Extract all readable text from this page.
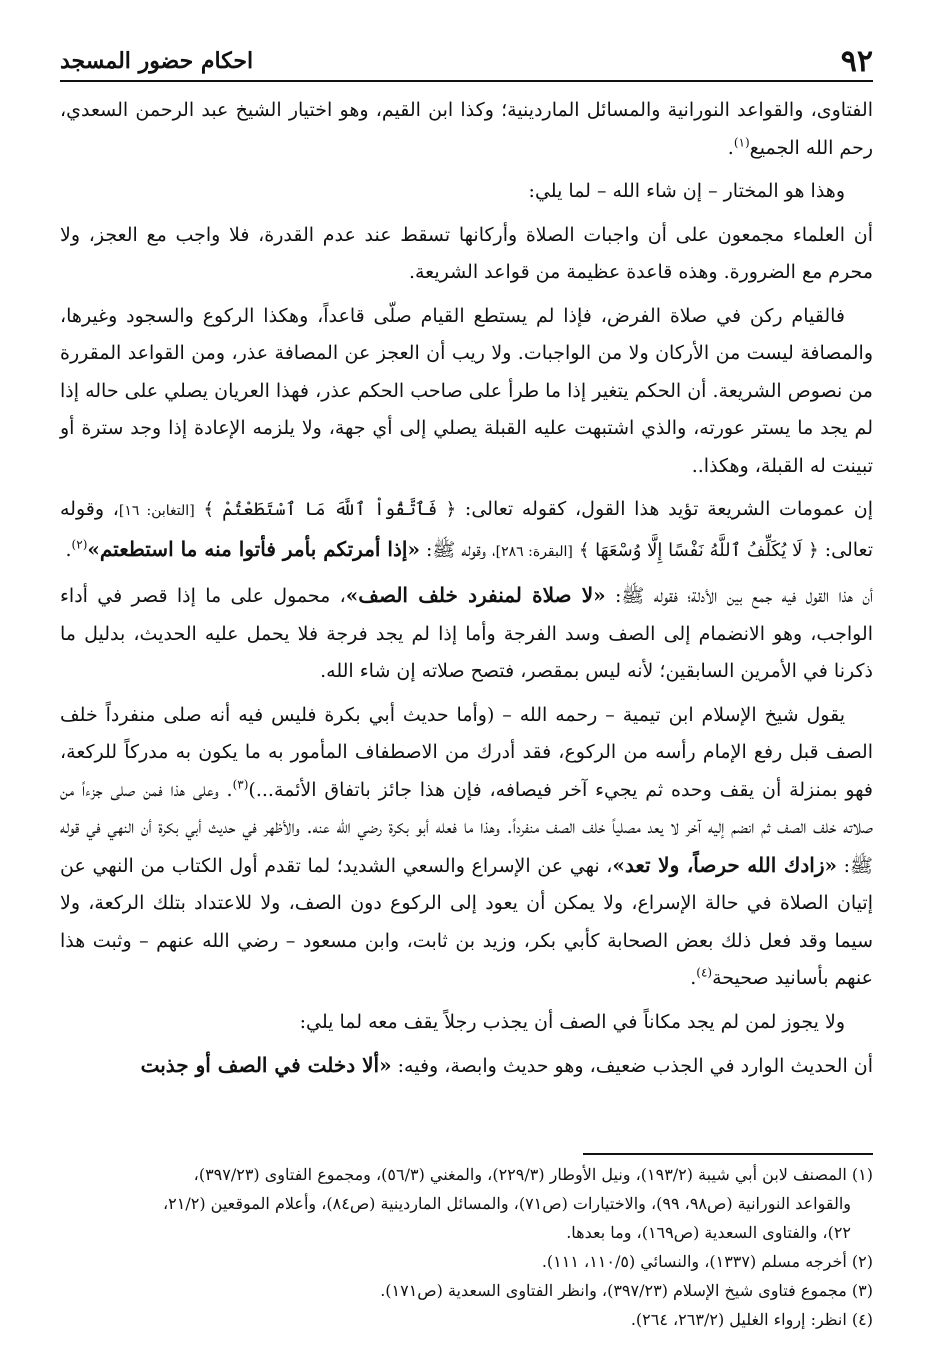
٩٢
احكام حضور المسجد

الفتاوى، والقواعد النورانية والمسائل الماردينية؛ وكذا ابن القيم، وهو اختيار الشيخ عبد الرحمن السعدي، رحم الله الجميع$^{(١)}$.

وهذا هو المختار – إن شاء الله – لما يلي:

أن العلماء مجمعون على أن واجبات الصلاة وأركانها تسقط عند عدم القدرة، فلا واجب مع العجز، ولا محرم مع الضرورة. وهذه قاعدة عظيمة من قواعد الشريعة.

فالقيام ركن في صلاة الفرض، فإذا لم يستطع القيام صلّى قاعداً، وهكذا الركوع والسجود وغيرها، والمصافة ليست من الأركان ولا من الواجبات. ولا ريب أن العجز عن المصافة عذر، ومن القواعد المقررة من نصوص الشريعة. أن الحكم يتغير إذا ما طرأ على صاحب الحكم عذر، فهذا العريان يصلي على حاله إذا لم يجد ما يستر عورته، والذي اشتبهت عليه القبلة يصلي إلى أي جهة، ولا يلزمه الإعادة إذا وجد سترة أو تبينت له القبلة، وهكذا..

إن عمومات الشريعة تؤيد هذا القول، كقوله تعالى: ﴿ فَٱتَّقُواْ ٱللَّهَ مَا ٱسْتَطَعْتُمْ ﴾ [التغابن: ١٦]، وقوله تعالى: ﴿ لَا يُكَلِّفُ ٱللَّهُ نَفْسًا إِلَّا وُسْعَهَا ﴾ [البقرة: ٢٨٦]، وقوله ﷺ: «إذا أمرتكم بأمر فأتوا منه ما استطعتم»$^{(٢)}$.

أن هذا القول فيه جمع بين الأدلة؛ فقوله ﷺ: «لا صلاة لمنفرد خلف الصف»، محمول على ما إذا قصر في أداء الواجب، وهو الانضمام إلى الصف وسد الفرجة وأما إذا لم يجد فرجة فلا يحمل عليه الحديث، بدليل ما ذكرنا في الأمرين السابقين؛ لأنه ليس بمقصر، فتصح صلاته إن شاء الله.

يقول شيخ الإسلام ابن تيمية – رحمه الله – (وأما حديث أبي بكرة فليس فيه أنه صلى منفرداً خلف الصف قبل رفع الإمام رأسه من الركوع، فقد أدرك من الاصطفاف المأمور به ما يكون به مدركاً للركعة، فهو بمنزلة أن يقف وحده ثم يجيء آخر فيصافه، فإن هذا جائز باتفاق الأئمة...)$^{(٣)}$. وعلى هذا فمن صلى جزءاً من صلاته خلف الصف ثم انضم إليه آخر لا يعد مصلياً خلف الصف منفرداً. وهذا ما فعله أبو بكرة رضي الله عنه. والأظهر في حديث أبي بكرة أن النهي في قوله ﷺ: «زادك الله حرصاً، ولا تعد»، نهي عن الإسراع والسعي الشديد؛ لما تقدم أول الكتاب من النهي عن إتيان الصلاة في حالة الإسراع، ولا يمكن أن يعود إلى الركوع دون الصف، ولا للاعتداد بتلك الركعة، ولا سيما وقد فعل ذلك بعض الصحابة كأبي بكر، وزيد بن ثابت، وابن مسعود – رضي الله عنهم – وثبت هذا عنهم بأسانيد صحيحة$^{(٤)}$.

ولا يجوز لمن لم يجد مكاناً في الصف أن يجذب رجلاً يقف معه لما يلي:

أن الحديث الوارد في الجذب ضعيف، وهو حديث وابصة، وفيه: «ألا دخلت في الصف أو جذبت

(١) المصنف لابن أبي شيبة (١٩٣/٢)، ونيل الأوطار (٢٢٩/٣)، والمغني (٥٦/٣)، ومجموع الفتاوى (٣٩٧/٢٣)،

والقواعد النورانية (ص٩٨، ٩٩)، والاختيارات (ص٧١)، والمسائل الماردينية (ص٨٤)، وأعلام الموقعين (٢١/٢،

٢٢)، والفتاوى السعدية (ص١٦٩)، وما بعدها.

(٢) أخرجه مسلم (١٣٣٧)، والنسائي (١١٠/٥، ١١١).

(٣) مجموع فتاوى شيخ الإسلام (٣٩٧/٢٣)، وانظر الفتاوى السعدية (ص١٧١).

(٤) انظر: إرواء الغليل (٢٦٣/٢، ٢٦٤).
